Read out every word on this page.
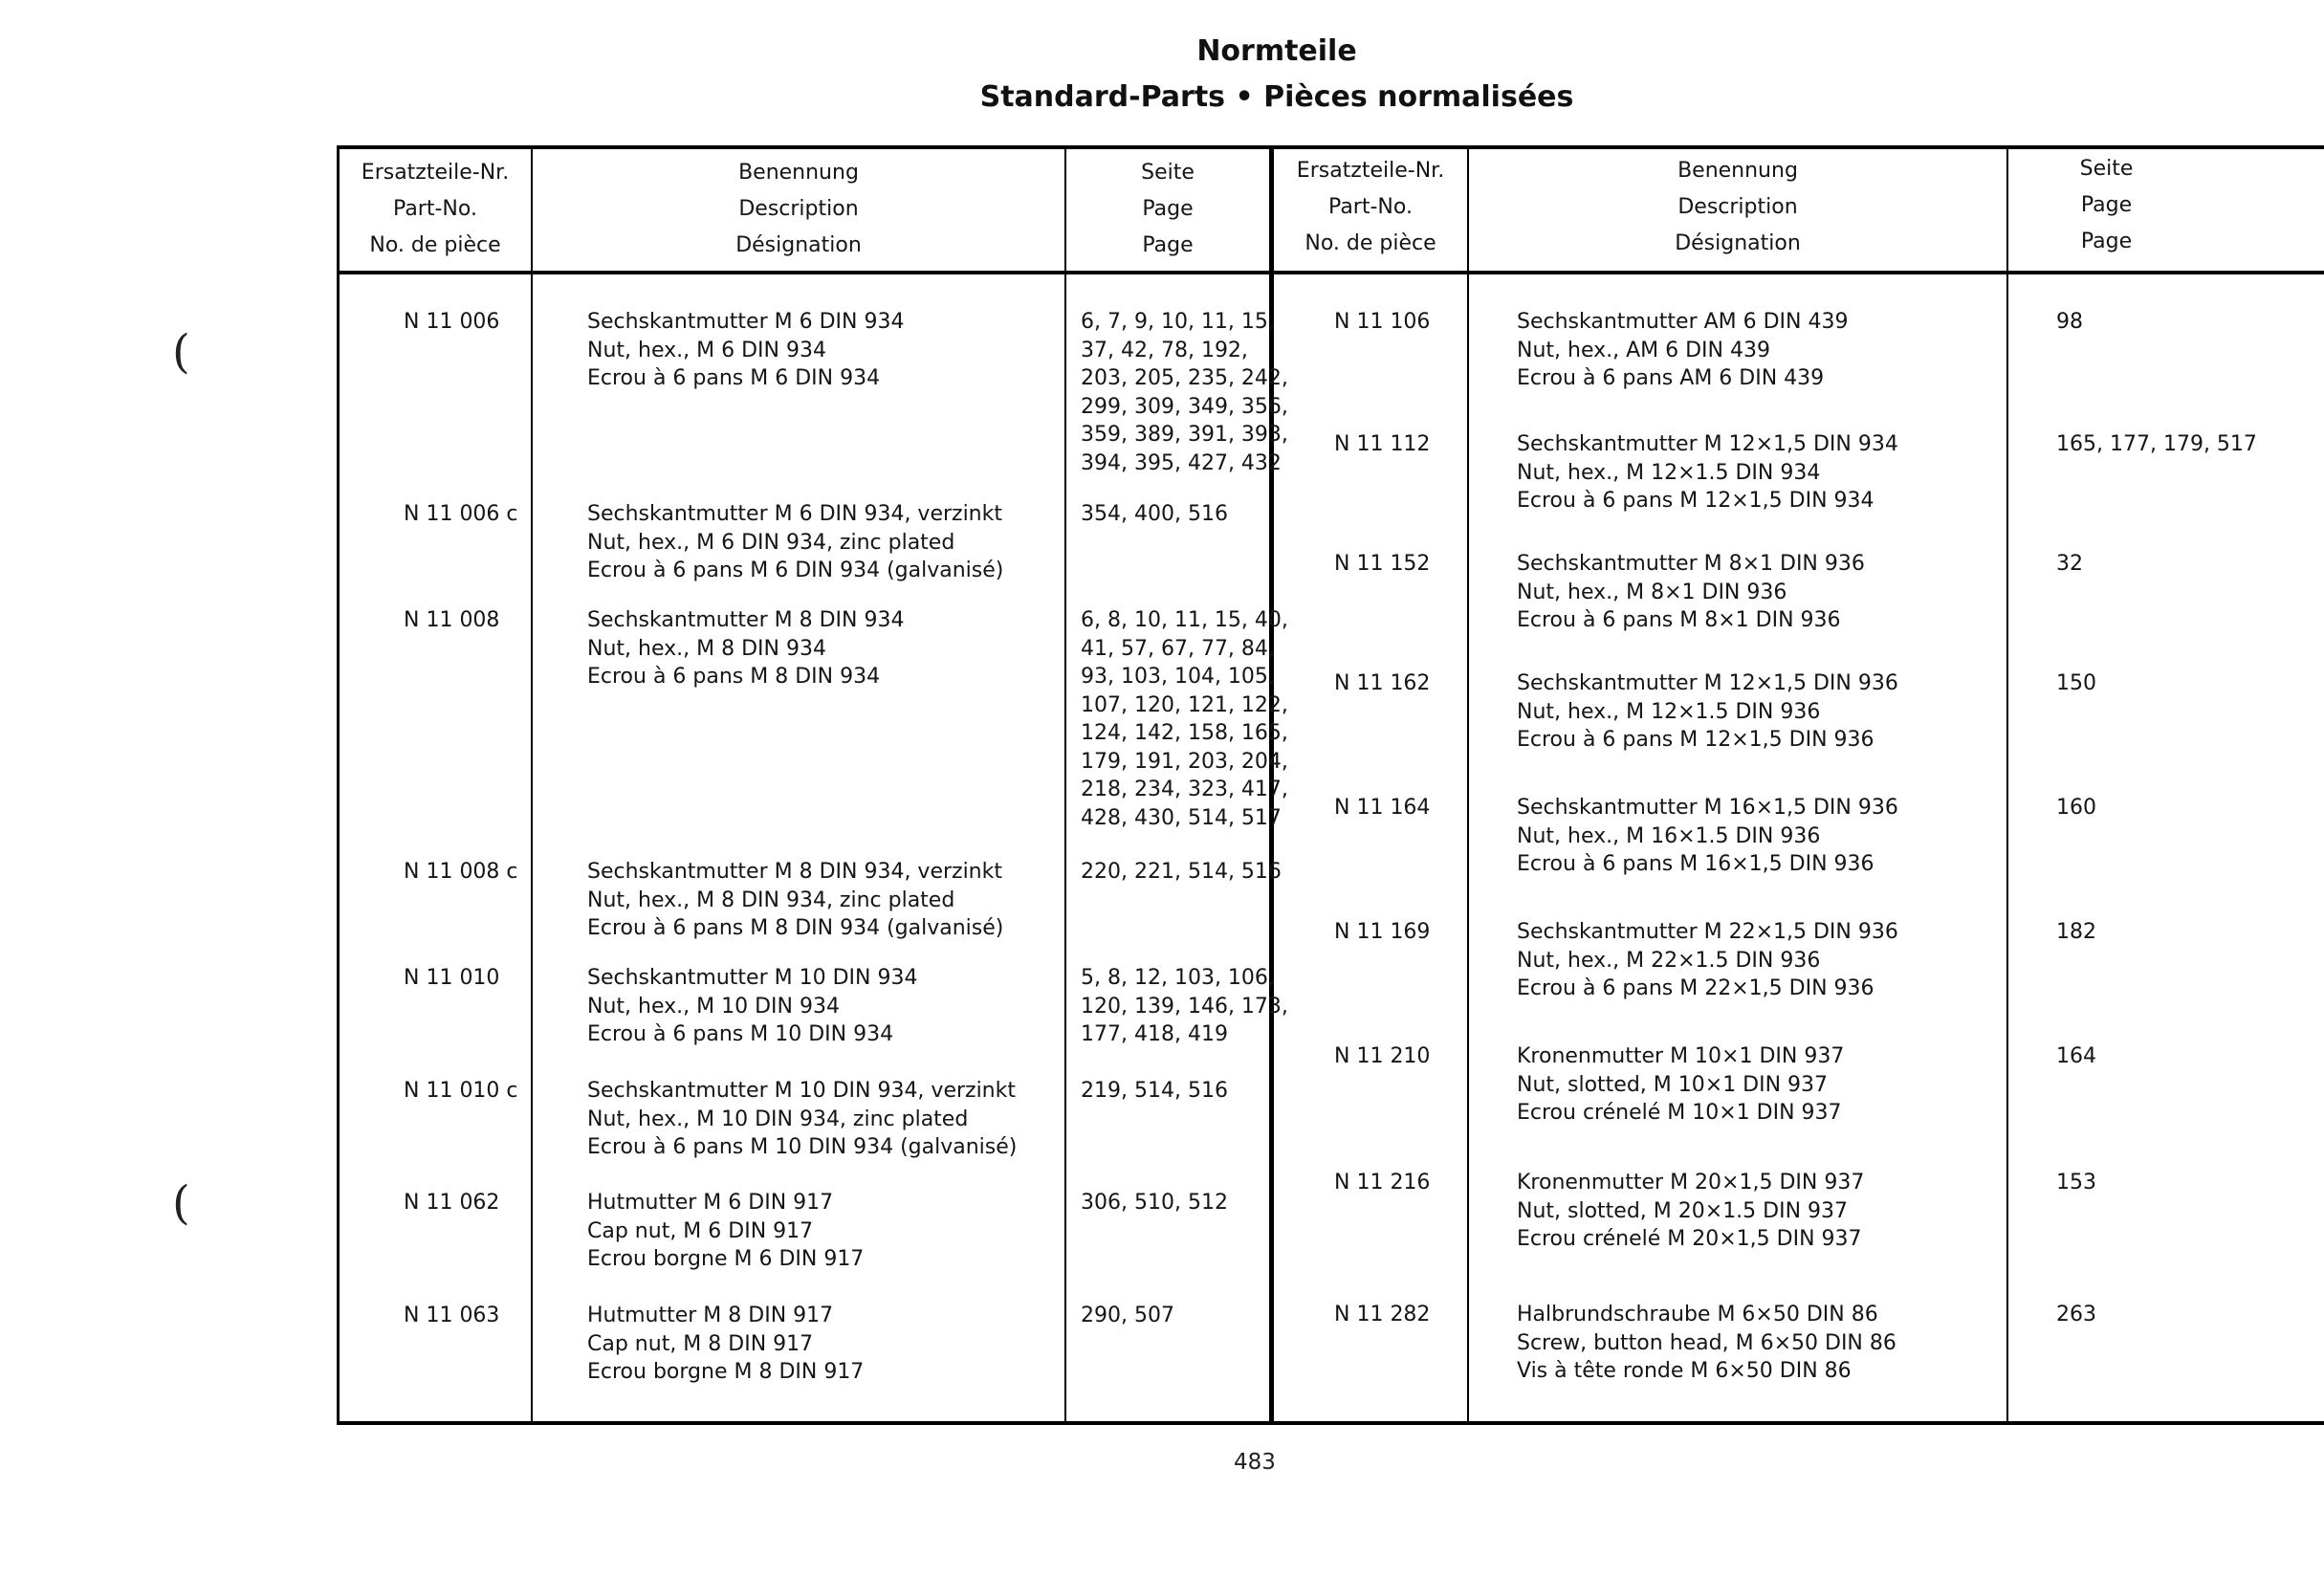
Normteile
Standard-Parts • Pièces normalisées
(
(
Ersatzteile-Nr.
Part-No.
No. de pièce
Benennung
Description
Désignation
Seite
Page
Page
Ersatzteile-Nr.
Part-No.
No. de pièce
Benennung
Description
Désignation
Seite
Page
Page
N 11 006	Sechskantmutter M 6 DIN 934
Nut, hex., M 6 DIN 934
Ecrou à 6 pans M 6 DIN 934
6, 7, 9, 10, 11, 15,
37, 42, 78, 192,
203, 205, 235, 242,
299, 309, 349, 356,
359, 389, 391, 393,
394, 395, 427, 432
N 11 006 c	Sechskantmutter M 6 DIN 934, verzinkt
Nut, hex., M 6 DIN 934, zinc plated
Ecrou à 6 pans M 6 DIN 934 (galvanisé)
354, 400, 516
N 11 008	Sechskantmutter M 8 DIN 934
Nut, hex., M 8 DIN 934
Ecrou à 6 pans M 8 DIN 934
6, 8, 10, 11, 15, 40,
41, 57, 67, 77, 84,
93, 103, 104, 105,
107, 120, 121, 122,
124, 142, 158, 165,
179, 191, 203, 204,
218, 234, 323, 417,
428, 430, 514, 517
N 11 008 c	Sechskantmutter M 8 DIN 934, verzinkt
Nut, hex., M 8 DIN 934, zinc plated
Ecrou à 6 pans M 8 DIN 934 (galvanisé)
220, 221, 514, 516
N 11 010	Sechskantmutter M 10 DIN 934
Nut, hex., M 10 DIN 934
Ecrou à 6 pans M 10 DIN 934
5, 8, 12, 103, 106,
120, 139, 146, 173,
177, 418, 419
N 11 010 c	Sechskantmutter M 10 DIN 934, verzinkt
Nut, hex., M 10 DIN 934, zinc plated
Ecrou à 6 pans M 10 DIN 934 (galvanisé)
219, 514, 516
N 11 062	Hutmutter M 6 DIN 917
Cap nut, M 6 DIN 917
Ecrou borgne M 6 DIN 917
306, 510, 512
N 11 063	Hutmutter M 8 DIN 917
Cap nut, M 8 DIN 917
Ecrou borgne M 8 DIN 917
290, 507
N 11 106	Sechskantmutter AM 6 DIN 439
Nut, hex., AM 6 DIN 439
Ecrou à 6 pans AM 6 DIN 439
98
N 11 112	Sechskantmutter M 12×1,5 DIN 934
Nut, hex., M 12×1.5 DIN 934
Ecrou à 6 pans M 12×1,5 DIN 934
165, 177, 179, 517
N 11 152	Sechskantmutter M 8×1 DIN 936
Nut, hex., M 8×1 DIN 936
Ecrou à 6 pans M 8×1 DIN 936
32
N 11 162	Sechskantmutter M 12×1,5 DIN 936
Nut, hex., M 12×1.5 DIN 936
Ecrou à 6 pans M 12×1,5 DIN 936
150
N 11 164	Sechskantmutter M 16×1,5 DIN 936
Nut, hex., M 16×1.5 DIN 936
Ecrou à 6 pans M 16×1,5 DIN 936
160
N 11 169	Sechskantmutter M 22×1,5 DIN 936
Nut, hex., M 22×1.5 DIN 936
Ecrou à 6 pans M 22×1,5 DIN 936
182
N 11 210	Kronenmutter M 10×1 DIN 937
Nut, slotted, M 10×1 DIN 937
Ecrou crénelé M 10×1 DIN 937
164
N 11 216	Kronenmutter M 20×1,5 DIN 937
Nut, slotted, M 20×1.5 DIN 937
Ecrou crénelé M 20×1,5 DIN 937
153
N 11 282	Halbrundschraube M 6×50 DIN 86
Screw, button head, M 6×50 DIN 86
Vis à tête ronde M 6×50 DIN 86
263
483
